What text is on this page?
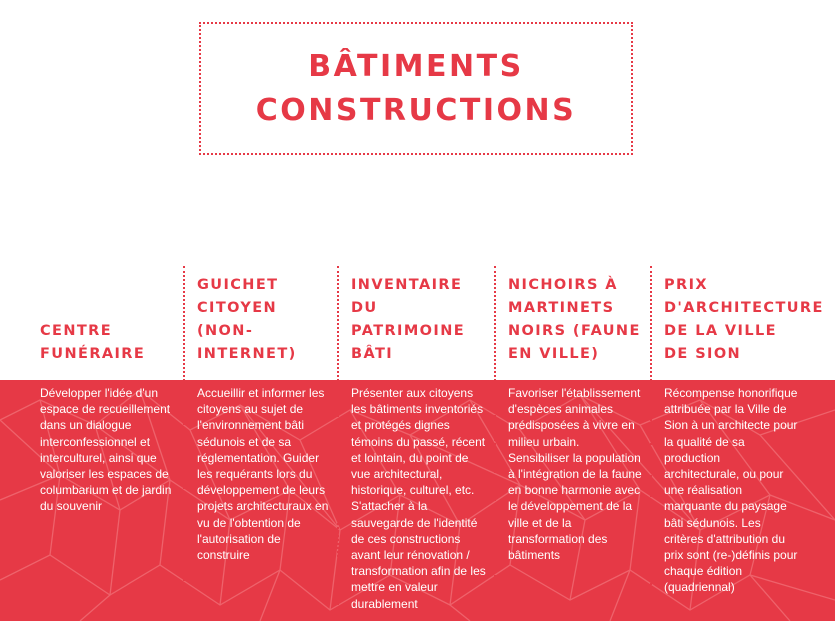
BÂTIMENTS
CONSTRUCTIONS
CENTRE FUNÉRAIRE
Développer l'idée d'un espace de recueillement dans un dialogue interconfessionnel et interculturel, ainsi que valoriser les espaces de columbarium et de jardin du souvenir
GUICHET CITOYEN (NON-INTERNET)
Accueillir et informer les citoyens au sujet de l'environnement bâti sédunois et de sa réglementation. Guider les requérants lors du développement de leurs projets architecturaux en vu de l'obtention de l'autorisation de construire
INVENTAIRE DU PATRIMOINE BÂTI
Présenter aux citoyens les bâtiments inventoriés et protégés dignes témoins du passé, récent et lointain, du point de vue architectural, historique, culturel, etc. S'attacher à la sauvegarde de l'identité de ces constructions avant leur rénovation / transformation afin de les mettre en valeur durablement
NICHOIRS À MARTINETS NOIRS (FAUNE EN VILLE)
Favoriser l'établissement d'espèces animales prédisposées à vivre en milieu urbain. Sensibiliser la population à l'intégration de la faune en bonne harmonie avec le développement de la ville et de la transformation des bâtiments
PRIX D'ARCHITECTURE DE LA VILLE DE SION
Récompense honorifique attribuée par la Ville de Sion à un architecte pour la qualité de sa production architecturale, ou pour une réalisation marquante du paysage bâti sédunois. Les critères d'attribution du prix sont (re-)définis pour chaque édition (quadriennal)
